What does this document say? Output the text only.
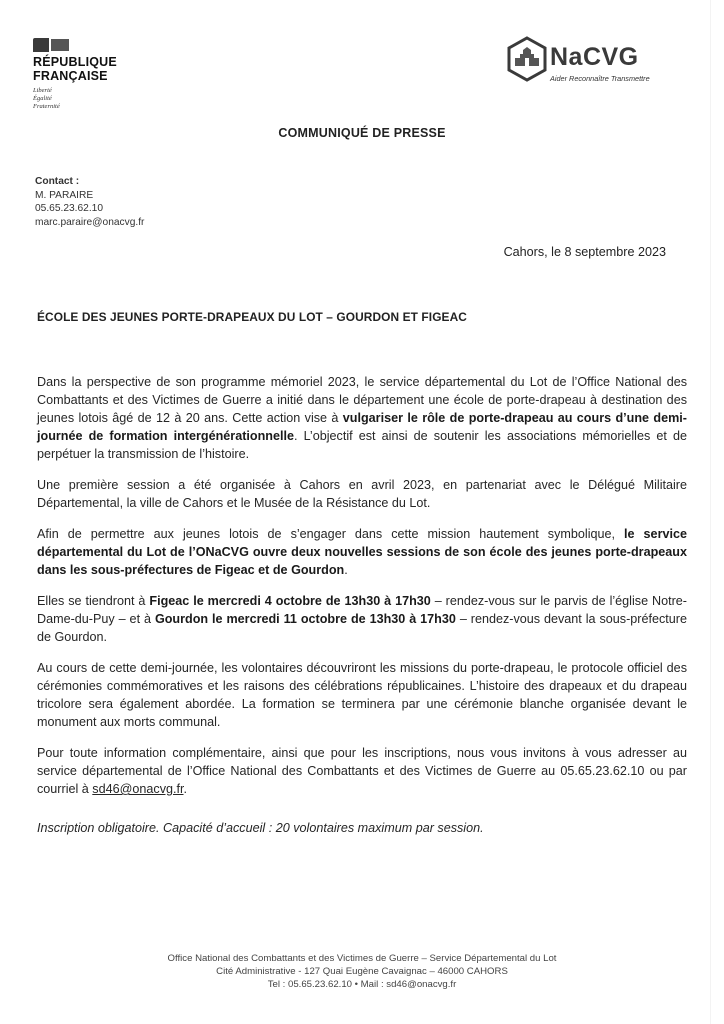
RÉPUBLIQUE
FRANÇAISE
Liberté
Égalité
Fraternité
NaCVG
Aider Reconnaître Transmettre
COMMUNIQUÉ DE PRESSE
Contact :
M. PARAIRE
05.65.23.62.10
marc.paraire@onacvg.fr
Cahors, le 8 septembre 2023
ÉCOLE DES JEUNES PORTE-DRAPEAUX DU LOT – GOURDON ET FIGEAC

Dans la perspective de son programme mémoriel 2023, le service départemental du Lot de l’Office National des Combattants et des Victimes de Guerre a initié dans le département une école de porte-drapeau à destination des jeunes lotois âgé de 12 à 20 ans. Cette action vise à vulgariser le rôle de porte-drapeau au cours d’une demi-journée de formation intergénérationnelle. L’objectif est ainsi de soutenir les associations mémorielles et de perpétuer la transmission de l’histoire.

Une première session a été organisée à Cahors en avril 2023, en partenariat avec le Délégué Militaire Départemental, la ville de Cahors et le Musée de la Résistance du Lot.

Afin de permettre aux jeunes lotois de s’engager dans cette mission hautement symbolique, le service départemental du Lot de l’ONaCVG ouvre deux nouvelles sessions de son école des jeunes porte-drapeaux dans les sous-préfectures de Figeac et de Gourdon.

Elles se tiendront à Figeac le mercredi 4 octobre de 13h30 à 17h30 – rendez-vous sur le parvis de l’église Notre-Dame-du-Puy – et à Gourdon le mercredi 11 octobre de 13h30 à 17h30 – rendez-vous devant la sous-préfecture de Gourdon.

Au cours de cette demi-journée, les volontaires découvriront les missions du porte-drapeau, le protocole officiel des cérémonies commémoratives et les raisons des célébrations républicaines. L’histoire des drapeaux et du drapeau tricolore sera également abordée. La formation se terminera par une cérémonie blanche organisée devant le monument aux morts communal.

Pour toute information complémentaire, ainsi que pour les inscriptions, nous vous invitons à vous adresser au service départemental de l’Office National des Combattants et des Victimes de Guerre au 05.65.23.62.10 ou par courriel à sd46@onacvg.fr.

Inscription obligatoire. Capacité d’accueil : 20 volontaires maximum par session.

Office National des Combattants et des Victimes de Guerre – Service Départemental du Lot
Cité Administrative - 127 Quai Eugène Cavaignac – 46000 CAHORS
Tel : 05.65.23.62.10 • Mail : sd46@onacvg.fr
